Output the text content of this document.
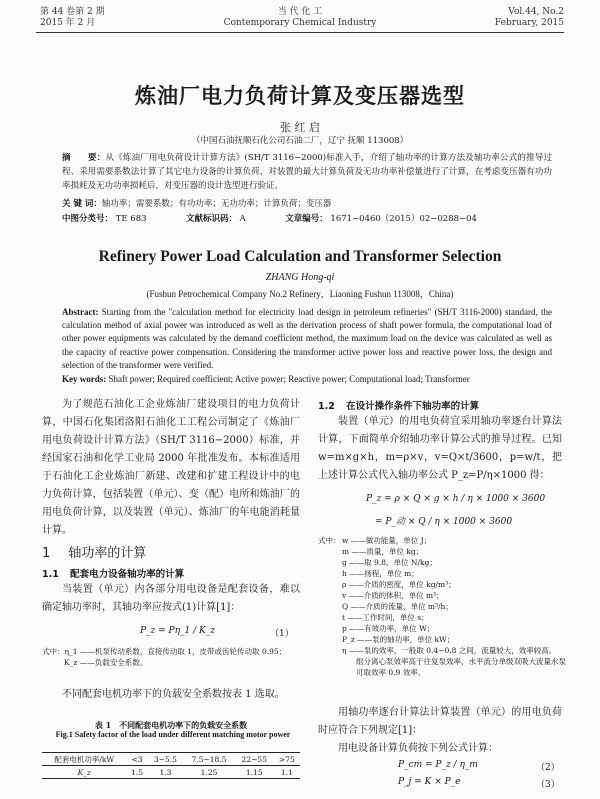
第 44 卷第 2 期
2015 年 2 月
当 代 化 工
Contemporary Chemical Industry
Vol.44, No.2
February, 2015
炼油厂电力负荷计算及变压器选型
张 红 启
（中国石油抚顺石化公司石油二厂，辽宁 抚顺 113008）
摘　　要：从《炼油厂用电负荷设计计算方法》(SH/T 3116−2000)标准入手，介绍了轴功率的计算方法及轴功率公式的推导过程、采用需要系数法计算了其它电力设备的计算负荷，对装置的最大计算负荷及无功功率补偿量进行了计算，在考虑变压器有功功率损耗及无功功率损耗后，对变压器的设计选型进行验证。
关 键 词：轴功率；需要系数；有功功率；无功功率；计算负荷；变压器
中图分类号： TE 683	文献标识码： A	文章编号： 1671−0460（2015）02−0288−04
Refinery Power Load Calculation and Transformer Selection
ZHANG Hong-qi
(Fushun Petrochemical Company No.2 Refinery，Liaoning Fushun 113008，China)
Abstract: Starting from the "calculation method for electricity load design in petroleum refineries" (SH/T 3116-2000) standard, the calculation method of axial power was introduced as well as the derivation process of shaft power formula, the computational load of other power equipments was calculated by the demand coefficient method, the maximum load on the device was calculated as well as the capacity of reactive power compensation. Considering the transformer active power loss and reactive power loss, the design and selection of the transformer were verified.
Key words: Shaft power; Required coefficient; Active power; Reactive power; Computational load; Transformer
为了规范石油化工企业炼油厂建设项目的电力负荷计算，中国石化集团洛阳石油化工工程公司制定了《炼油厂用电负荷设计计算方法》（SH/T 3116−2000）标准，并经国家石油和化学工业局 2000 年批准发布。本标准适用于石油化工企业炼油厂新建、改建和扩建工程设计中的电力负荷计算，包括装置（单元）、变（配）电所和炼油厂的用电负荷计算，以及装置（单元）、炼油厂的年电能消耗量计算。
1 轴功率的计算
1.1 配套电力设备轴功率的计算
当装置（单元）内各部分用电设备是配套设备，难以确定轴功率时，其轴功率应按式(1)计算[1]：
P_z = Pη_1 / K_z	（1）
式中：η_1 ——机泵传动系数，直接传动取 1，皮带或齿轮传动取 0.95；
K_z ——负载安全系数。
不同配套电机功率下的负载安全系数按表 1 选取。
表 1　不同配套电机功率下的负载安全系数
Fig.1 Safety factor of the load under different matching motor power
配套电机功率/kW	<3	3~5.5	7.5~18.5	22~55	>75
K_z	1.5	1.3	1.25	1.15	1.1
1.2 在设计操作条件下轴功率的计算
装置（单元）的用电负荷宜采用轴功率逐台计算法计算，下面简单介绍轴功率计算公式的推导过程。已知 w=m×g×h，m=ρ×v，v=Q×t/3600，p=w/t，把上述计算公式代入轴功率公式 P_z=P/η×1000 得：
P_z = ρ × Q × g × h / η × 1000 × 3600
= P_动 × Q / η × 1000 × 3600
式中： w ——做功能量，单位 J；
m ——质量，单位 kg；
g ——取 9.8，单位 N/kg；
h ——扬程，单位 m；
ρ ——介质的密度，单位 kg/m³；
v ——介质的体积，单位 m³；
Q ——介质的流量，单位 m³/h；
t ——工作时间，单位 s；
p ——有效功率，单位 W；
P_z ——泵的轴功率，单位 kW；
η ——泵的效率，一般取 0.4~0.8 之间，流量较大，效率较高。
组分离心泵效率高于往复泵效率，水平流分单级双吸大流量水泵可取效率 0.9 效率。
用轴功率逐台计算法计算装置（单元）的用电负荷时应符合下列规定[1]：
用电设备计算负荷按下列公式计算：
P_cm = P_z / η_m	（2）
P_j = K × P_e	（3）
